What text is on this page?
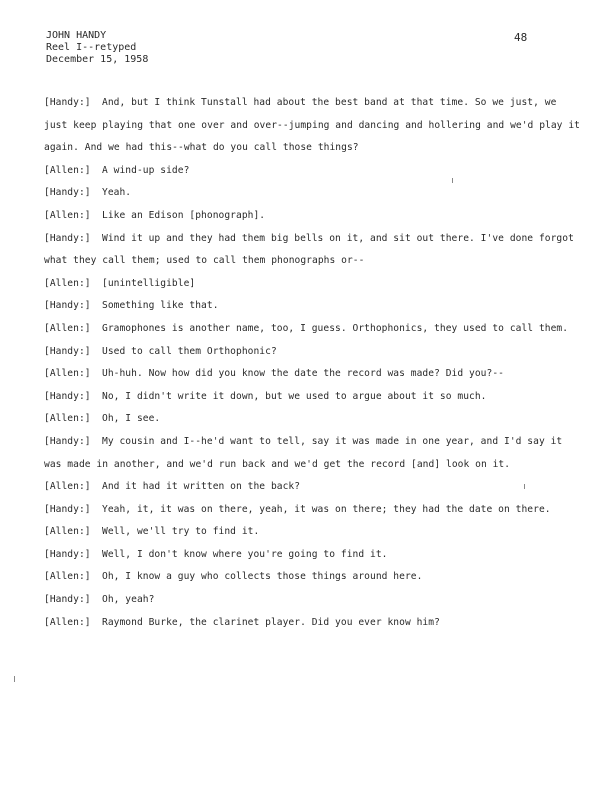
JOHN HANDY
Reel I--retyped
December 15, 1958
48
[Handy:] And, but I think Tunstall had about the best band at that time. So we just, we just keep playing that one over and over--jumping and dancing and hollering and we'd play it again. And we had this--what do you call those things?
[Allen:] A wind-up side?
[Handy:] Yeah.
[Allen:] Like an Edison [phonograph].
[Handy:] Wind it up and they had them big bells on it, and sit out there. I've done forgot what they call them; used to call them phonographs or--
[Allen:] [unintelligible]
[Handy:] Something like that.
[Allen:] Gramophones is another name, too, I guess. Orthophonics, they used to call them.
[Handy:] Used to call them Orthophonic?
[Allen:] Uh-huh. Now how did you know the date the record was made? Did you?--
[Handy:] No, I didn't write it down, but we used to argue about it so much.
[Allen:] Oh, I see.
[Handy:] My cousin and I--he'd want to tell, say it was made in one year, and I'd say it was made in another, and we'd run back and we'd get the record [and] look on it.
[Allen:] And it had it written on the back?
[Handy:] Yeah, it, it was on there, yeah, it was on there; they had the date on there.
[Allen:] Well, we'll try to find it.
[Handy:] Well, I don't know where you're going to find it.
[Allen:] Oh, I know a guy who collects those things around here.
[Handy:] Oh, yeah?
[Allen:] Raymond Burke, the clarinet player. Did you ever know him?
